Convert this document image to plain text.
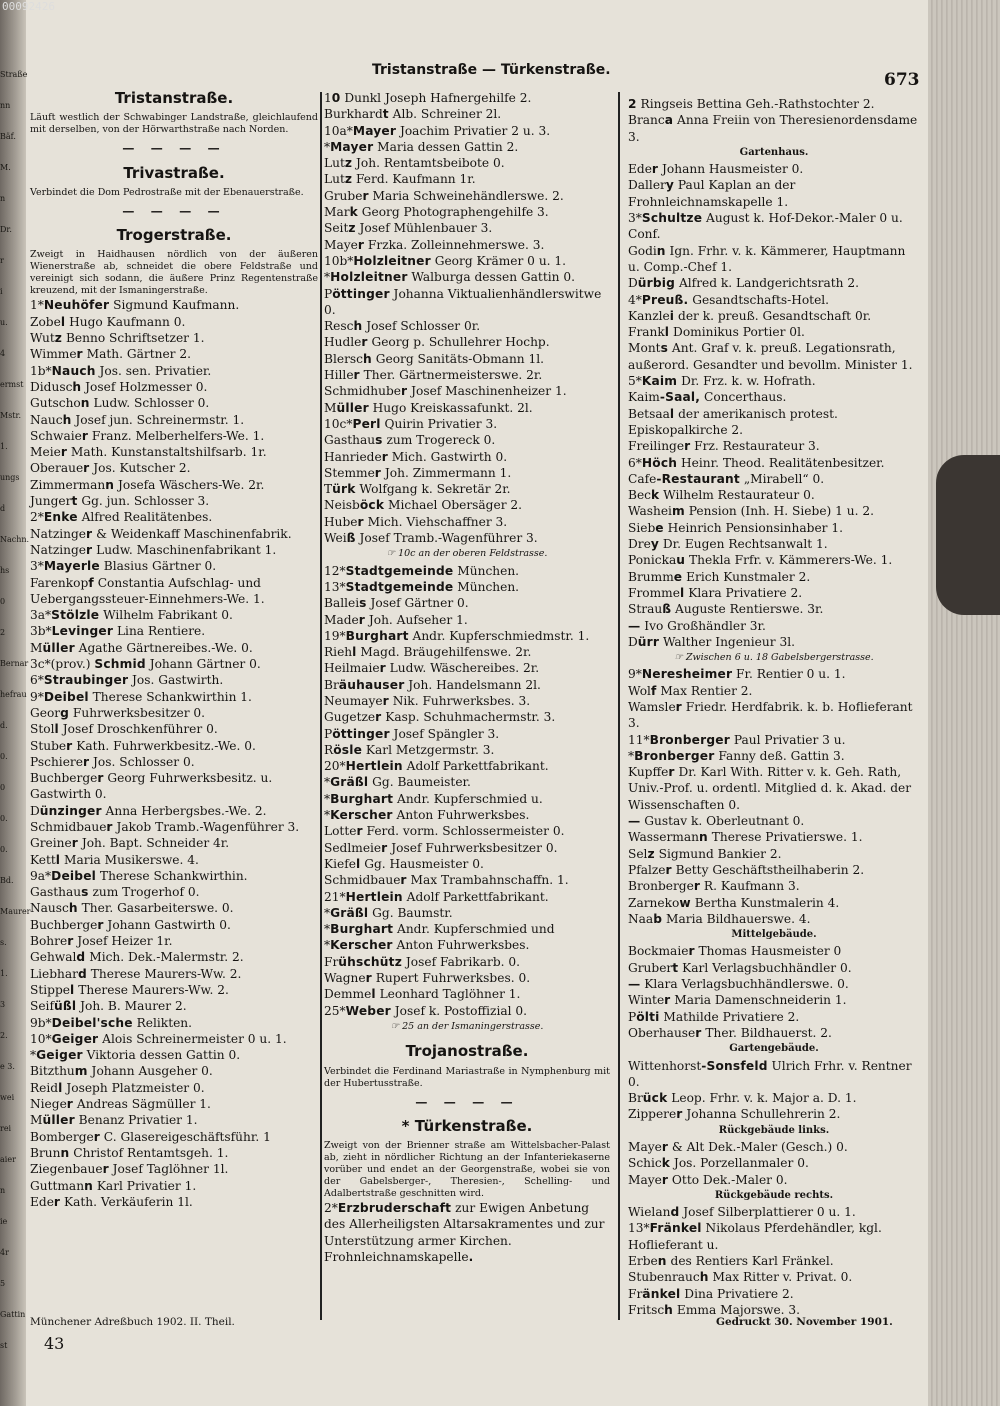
Straße
nn
Bäf.
M.
n
Dr.
r
i
u.
4
ermst
Mstr.
1.
ungs
d
Nachn.
hs
0
2
Bernar
hefrau
d.
0.
0
0.
0.
Bd.
Maurer
s.
1.
3
2.
e 3.
wei
rei
aier
n
ie
4r
5
Gattin
st
00092426
Tristanstraße — Türkenstraße.	673
Tristanstraße.
Läuft westlich der Schwabinger Landstraße, gleichlaufend mit derselben, von der Hörwarthstraße nach Norden.
— — — —
Trivastraße.
Verbindet die Dom Pedrostraße mit der Ebenauerstraße.
— — — —
Trogerstraße.
Zweigt in Haidhausen nördlich von der äußeren Wienerstraße ab, schneidet die obere Feldstraße und vereinigt sich sodann, die äußere Prinz Regentenstraße kreuzend, mit der Ismaningerstraße.
1*Neuhöfer Sigmund Kaufmann.
Zobel Hugo Kaufmann 0.
Wutz Benno Schriftsetzer 1.
Wimmer Math. Gärtner 2.
1b*Nauch Jos. sen. Privatier.
Didusch Josef Holzmesser 0.
Gutschon Ludw. Schlosser 0.
Nauch Josef jun. Schreinermstr. 1.
Schwaier Franz. Melberhelfers-We. 1.
Meier Math. Kunstanstaltshilfsarb. 1r.
Oberauer Jos. Kutscher 2.
Zimmermann Josefa Wäschers-We. 2r.
Jungert Gg. jun. Schlosser 3.
2*Enke Alfred Realitätenbes.
Natzinger & Weidenkaff Maschinenfabrik.
Natzinger Ludw. Maschinenfabrikant 1.
3*Mayerle Blasius Gärtner 0.
Farenkopf Constantia Aufschlag- und Uebergangssteuer-Einnehmers-We. 1.
3a*Stölzle Wilhelm Fabrikant 0.
3b*Levinger Lina Rentiere.
Müller Agathe Gärtnereibes.-We. 0.
3c*(prov.) Schmid Johann Gärtner 0.
6*Straubinger Jos. Gastwirth.
9*Deibel Therese Schankwirthin 1.
Georg Fuhrwerksbesitzer 0.
Stoll Josef Droschkenführer 0.
Stuber Kath. Fuhrwerkbesitz.-We. 0.
Pschierer Jos. Schlosser 0.
Buchberger Georg Fuhrwerksbesitz. u. Gastwirth 0.
Dünzinger Anna Herbergsbes.-We. 2.
Schmidbauer Jakob Tramb.-Wagenführer 3.
Greiner Joh. Bapt. Schneider 4r.
Kettl Maria Musikerswe. 4.
9a*Deibel Therese Schankwirthin.
Gasthaus zum Trogerhof 0.
Nausch Ther. Gasarbeiterswe. 0.
Buchberger Johann Gastwirth 0.
Bohrer Josef Heizer 1r.
Gehwald Mich. Dek.-Malermstr. 2.
Liebhard Therese Maurers-Ww. 2.
Stippel Therese Maurers-Ww. 2.
Seifüßl Joh. B. Maurer 2.
9b*Deibel'sche Relikten.
10*Geiger Alois Schreinermeister 0 u. 1.
*Geiger Viktoria dessen Gattin 0.
Bitzthum Johann Ausgeher 0.
Reidl Joseph Platzmeister 0.
Nieger Andreas Sägmüller 1.
Müller Benanz Privatier 1.
Bomberger C. Glasereigeschäftsführ. 1
Brunn Christof Rentamtsgeh. 1.
Ziegenbauer Josef Taglöhner 1l.
Guttmann Karl Privatier 1.
Eder Kath. Verkäuferin 1l.
10 Dunkl Joseph Hafnergehilfe 2.
Burkhardt Alb. Schreiner 2l.
10a*Mayer Joachim Privatier 2 u. 3.
*Mayer Maria dessen Gattin 2.
Lutz Joh. Rentamtsbeibote 0.
Lutz Ferd. Kaufmann 1r.
Gruber Maria Schweinehändlerswe. 2.
Mark Georg Photographengehilfe 3.
Seitz Josef Mühlenbauer 3.
Mayer Frzka. Zolleinnehmerswe. 3.
10b*Holzleitner Georg Krämer 0 u. 1.
*Holzleitner Walburga dessen Gattin 0.
Pöttinger Johanna Viktualienhändlerswitwe 0.
Resch Josef Schlosser 0r.
Hudler Georg p. Schullehrer Hochp.
Blersch Georg Sanitäts-Obmann 1l.
Hiller Ther. Gärtnermeisterswe. 2r.
Schmidhuber Josef Maschinenheizer 1.
Müller Hugo Kreiskassafunkt. 2l.
10c*Perl Quirin Privatier 3.
Gasthaus zum Trogereck 0.
Hanrieder Mich. Gastwirth 0.
Stemmer Joh. Zimmermann 1.
Türk Wolfgang k. Sekretär 2r.
Neisböck Michael Obersäger 2.
Huber Mich. Viehschaffner 3.
Weiß Josef Tramb.-Wagenführer 3.
☞ 10c an der oberen Feldstrasse.
12*Stadtgemeinde München.
13*Stadtgemeinde München.
Balleis Josef Gärtner 0.
Mader Joh. Aufseher 1.
19*Burghart Andr. Kupferschmiedmstr. 1.
Riehl Magd. Bräugehilfenswe. 2r.
Heilmaier Ludw. Wäschereibes. 2r.
Bräuhauser Joh. Handelsmann 2l.
Neumayer Nik. Fuhrwerksbes. 3.
Gugetzer Kasp. Schuhmachermstr. 3.
Pöttinger Josef Spängler 3.
Rösle Karl Metzgermstr. 3.
20*Hertlein Adolf Parkettfabrikant.
*Gräßl Gg. Baumeister.
*Burghart Andr. Kupferschmied u.
*Kerscher Anton Fuhrwerksbes.
Lotter Ferd. vorm. Schlossermeister 0.
Sedlmeier Josef Fuhrwerksbesitzer 0.
Kiefel Gg. Hausmeister 0.
Schmidbauer Max Trambahnschaffn. 1.
21*Hertlein Adolf Parkettfabrikant.
*Gräßl Gg. Baumstr.
*Burghart Andr. Kupferschmied und
*Kerscher Anton Fuhrwerksbes.
Frühschütz Josef Fabrikarb. 0.
Wagner Rupert Fuhrwerksbes. 0.
Demmel Leonhard Taglöhner 1.
25*Weber Josef k. Postoffizial 0.
☞ 25 an der Ismaningerstrasse.
Trojanostraße.
Verbindet die Ferdinand Mariastraße in Nymphenburg mit der Hubertusstraße.
— — — —
* Türkenstraße.
Zweigt von der Brienner straße am Wittelsbacher-Palast ab, zieht in nördlicher Richtung an der Infanteriekaserne vorüber und endet an der Georgenstraße, wobei sie von der Gabelsberger-, Theresien-, Schelling- und Adalbertstraße geschnitten wird.
2*Erzbruderschaft zur Ewigen Anbetung des Allerheiligsten Altarsakramentes und zur Unterstützung armer Kirchen.
Frohnleichnamskapelle.
2 Ringseis Bettina Geh.-Rathstochter 2.
Branca Anna Freiin von Theresienordensdame 3.
Gartenhaus.
Eder Johann Hausmeister 0.
Dallery Paul Kaplan an der Frohnleichnamskapelle 1.
3*Schultze August k. Hof-Dekor.-Maler 0 u. Conf.
Godin Ign. Frhr. v. k. Kämmerer, Hauptmann u. Comp.-Chef 1.
Dürbig Alfred k. Landgerichtsrath 2.
4*Preuß. Gesandtschafts-Hotel.
Kanzlei der k. preuß. Gesandtschaft 0r.
Frankl Dominikus Portier 0l.
Monts Ant. Graf v. k. preuß. Legationsrath, außerord. Gesandter und bevollm. Minister 1.
5*Kaim Dr. Frz. k. w. Hofrath.
Kaim-Saal, Concerthaus.
Betsaal der amerikanisch protest. Episkopalkirche 2.
Freilinger Frz. Restaurateur 3.
6*Höch Heinr. Theod. Realitätenbesitzer.
Cafe-Restaurant „Mirabell“ 0.
Beck Wilhelm Restaurateur 0.
Washeim Pension (Inh. H. Siebe) 1 u. 2.
Siebe Heinrich Pensionsinhaber 1.
Drey Dr. Eugen Rechtsanwalt 1.
Ponickau Thekla Frfr. v. Kämmerers-We. 1.
Brumme Erich Kunstmaler 2.
Frommel Klara Privatiere 2.
Strauß Auguste Rentierswe. 3r.
— Ivo Großhändler 3r.
Dürr Walther Ingenieur 3l.
☞ Zwischen 6 u. 18 Gabelsbergerstrasse.
9*Neresheimer Fr. Rentier 0 u. 1.
Wolf Max Rentier 2.
Wamsler Friedr. Herdfabrik. k. b. Hoflieferant 3.
11*Bronberger Paul Privatier 3 u.
*Bronberger Fanny deß. Gattin 3.
Kupffer Dr. Karl With. Ritter v. k. Geh. Rath, Univ.-Prof. u. ordentl. Mitglied d. k. Akad. der Wissenschaften 0.
— Gustav k. Oberleutnant 0.
Wassermann Therese Privatierswe. 1.
Selz Sigmund Bankier 2.
Pfalzer Betty Geschäftstheilhaberin 2.
Bronberger R. Kaufmann 3.
Zarnekow Bertha Kunstmalerin 4.
Naab Maria Bildhauerswe. 4.
Mittelgebäude.
Bockmaier Thomas Hausmeister 0
Grubert Karl Verlagsbuchhändler 0.
— Klara Verlagsbuchhändlerswe. 0.
Winter Maria Damenschneiderin 1.
Pölti Mathilde Privatiere 2.
Oberhauser Ther. Bildhauerst. 2.
Gartengebäude.
Wittenhorst-Sonsfeld Ulrich Frhr. v. Rentner 0.
Brück Leop. Frhr. v. k. Major a. D. 1.
Zipperer Johanna Schullehrerin 2.
Rückgebäude links.
Mayer & Alt Dek.-Maler (Gesch.) 0.
Schick Jos. Porzellanmaler 0.
Mayer Otto Dek.-Maler 0.
Rückgebäude rechts.
Wieland Josef Silberplattierer 0 u. 1.
13*Fränkel Nikolaus Pferdehändler, kgl. Hoflieferant u.
Erben des Rentiers Karl Fränkel.
Stubenrauch Max Ritter v. Privat. 0.
Fränkel Dina Privatiere 2.
Fritsch Emma Majorswe. 3.
Münchener Adreßbuch 1902. II. Theil.
43
Gedruckt 30. November 1901.
